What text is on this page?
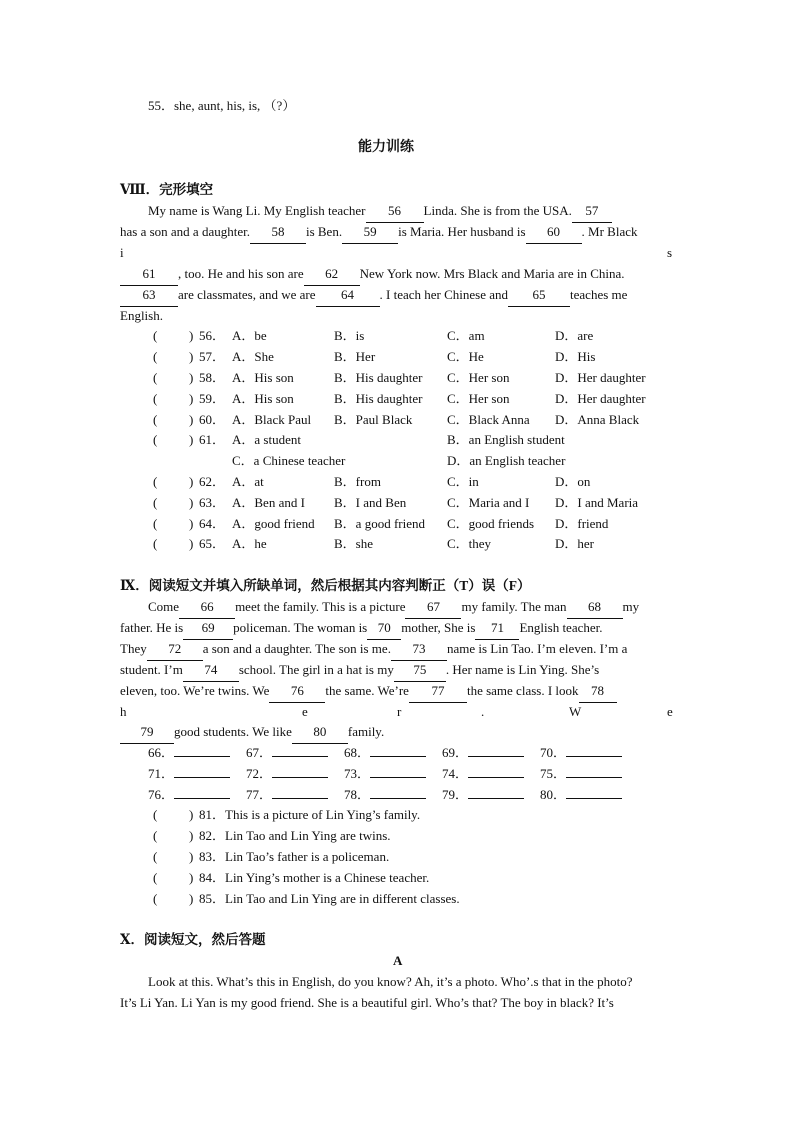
55．she, aunt, his, is, （?）
能力训练
Ⅷ．完形填空
My name is Wang Li. My English teacher 56 Linda. She is from the USA. 57
has a son and a daughter. 58 is Ben. 59 is Maria. Her husband is 60 . Mr Black
i	s
61 , too. He and his son are 62 New York now. Mrs Black and Maria are in China.
63 are classmates, and we are 64 . I teach her Chinese and 65 teaches me
English.
( ) 56． A．be	B．is	C．am	D．are
( ) 57． A．She	B．Her	C．He	D．His
( ) 58． A．His son	B．His daughter C．Her son	D．Her daughter
( ) 59． A．His son	B．His daughter C．Her son	D．Her daughter
( ) 60． A．Black Paul B．Paul Black	C．Black Anna D．Anna Black
( ) 61． A．a student	B．an English student
C．a Chinese teacher	D．an English teacher
( ) 62． A．at	B．from	C．in	D．on
( ) 63． A．Ben and I B．I and Ben	C．Maria and I D．I and Maria
( ) 64． A．good friend B．a good friend C．good friends D．friend
( ) 65． A．he	B．she	C．they	D．her
Ⅸ．阅读短文并填入所缺单词，然后根据其内容判断正（T）误（F）
Come 66 meet the family. This is a picture 67 my family. The man 68 my
father. He is 69 policeman. The woman is 70 mother, She is 71 English teacher.
They 72 a son and a daughter. The son is me. 73 name is Lin Tao. I’m eleven. I’m a
student. I’m 74 school. The girl in a hat is my 75 . Her name is Lin Ying. She’s
eleven, too. We’re twins. We 76 the same. We’re 77 the same class. I look 78
h	e	r	.	W	e
79 good students. We like 80 family.
66．	67．	68．	69．	70．
71．	72．	73．	74．	75．
76．	77．	78．	79．	80．
( ) 81．This is a picture of Lin Ying’s family.
( ) 82．Lin Tao and Lin Ying are twins.
( ) 83．Lin Tao’s father is a policeman.
( ) 84．Lin Ying’s mother is a Chinese teacher.
( ) 85．Lin Tao and Lin Ying are in different classes.
Ⅹ．阅读短文，然后答题
A
Look at this. What’s this in English, do you know? Ah, it’s a photo. Who’.s that in the photo?
It’s Li Yan. Li Yan is my good friend. She is a beautiful girl. Who’s that? The boy in black? It’s
